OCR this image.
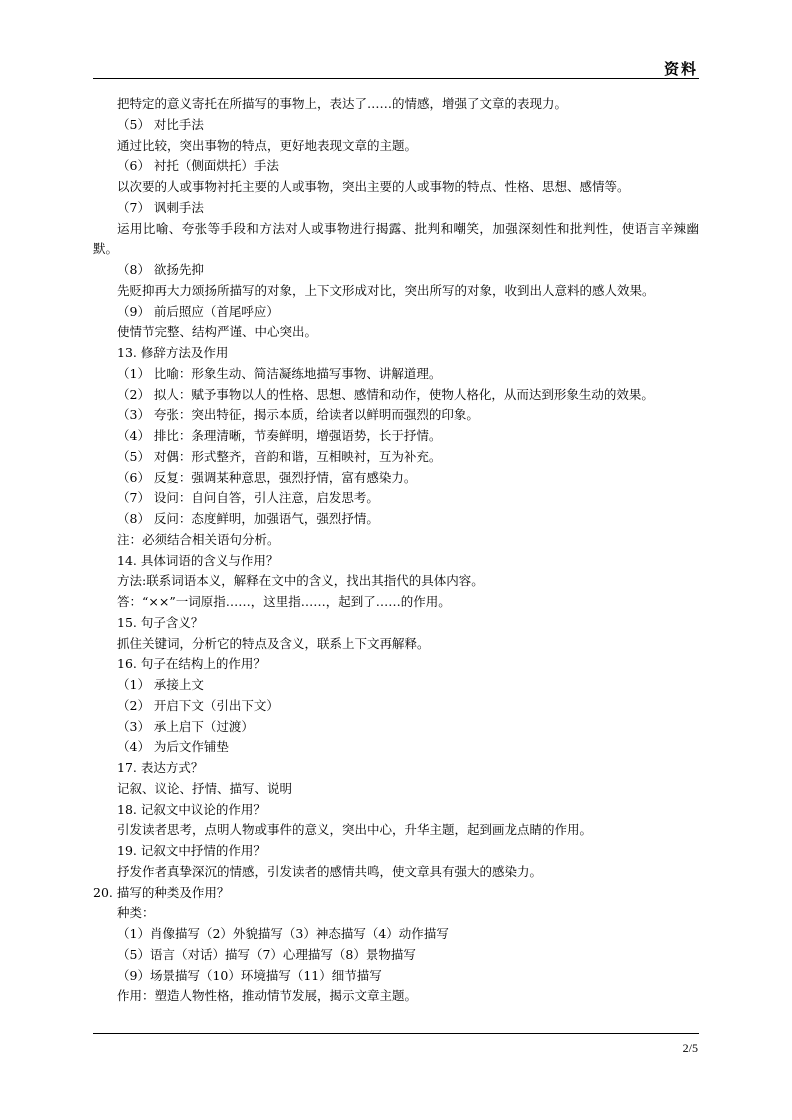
资料
把特定的意义寄托在所描写的事物上，表达了……的情感，增强了文章的表现力。
（5） 对比手法
通过比较，突出事物的特点，更好地表现文章的主题。
（6） 衬托（侧面烘托）手法
以次要的人或事物衬托主要的人或事物，突出主要的人或事物的特点、性格、思想、感情等。
（7） 讽刺手法
运用比喻、夸张等手段和方法对人或事物进行揭露、批判和嘲笑，加强深刻性和批判性，使语言辛辣幽默。
（8） 欲扬先抑
先贬抑再大力颂扬所描写的对象，上下文形成对比，突出所写的对象，收到出人意料的感人效果。
（9） 前后照应（首尾呼应）
使情节完整、结构严谨、中心突出。
13. 修辞方法及作用
（1） 比喻：形象生动、简洁凝练地描写事物、讲解道理。
（2） 拟人：赋予事物以人的性格、思想、感情和动作，使物人格化，从而达到形象生动的效果。
（3） 夸张：突出特征，揭示本质，给读者以鲜明而强烈的印象。
（4） 排比：条理清晰，节奏鲜明，增强语势，长于抒情。
（5） 对偶：形式整齐，音韵和谐，互相映衬，互为补充。
（6） 反复：强调某种意思，强烈抒情，富有感染力。
（7） 设问：自问自答，引人注意，启发思考。
（8） 反问：态度鲜明，加强语气，强烈抒情。
注：必须结合相关语句分析。
14. 具体词语的含义与作用？
方法:联系词语本义，解释在文中的含义，找出其指代的具体内容。
答：“××”一词原指……，这里指……，起到了……的作用。
15. 句子含义？
抓住关键词，分析它的特点及含义，联系上下文再解释。
16. 句子在结构上的作用？
（1） 承接上文
（2） 开启下文（引出下文）
（3） 承上启下（过渡）
（4） 为后文作铺垫
17. 表达方式？
记叙、议论、抒情、描写、说明
18. 记叙文中议论的作用？
引发读者思考，点明人物或事件的意义，突出中心，升华主题，起到画龙点睛的作用。
19. 记叙文中抒情的作用？
抒发作者真挚深沉的情感，引发读者的感情共鸣，使文章具有强大的感染力。
20. 描写的种类及作用？
种类：
（1）肖像描写（2）外貌描写（3）神态描写（4）动作描写
（5）语言（对话）描写（7）心理描写（8）景物描写
（9）场景描写（10）环境描写（11）细节描写
作用：塑造人物性格，推动情节发展，揭示文章主题。
2/5
